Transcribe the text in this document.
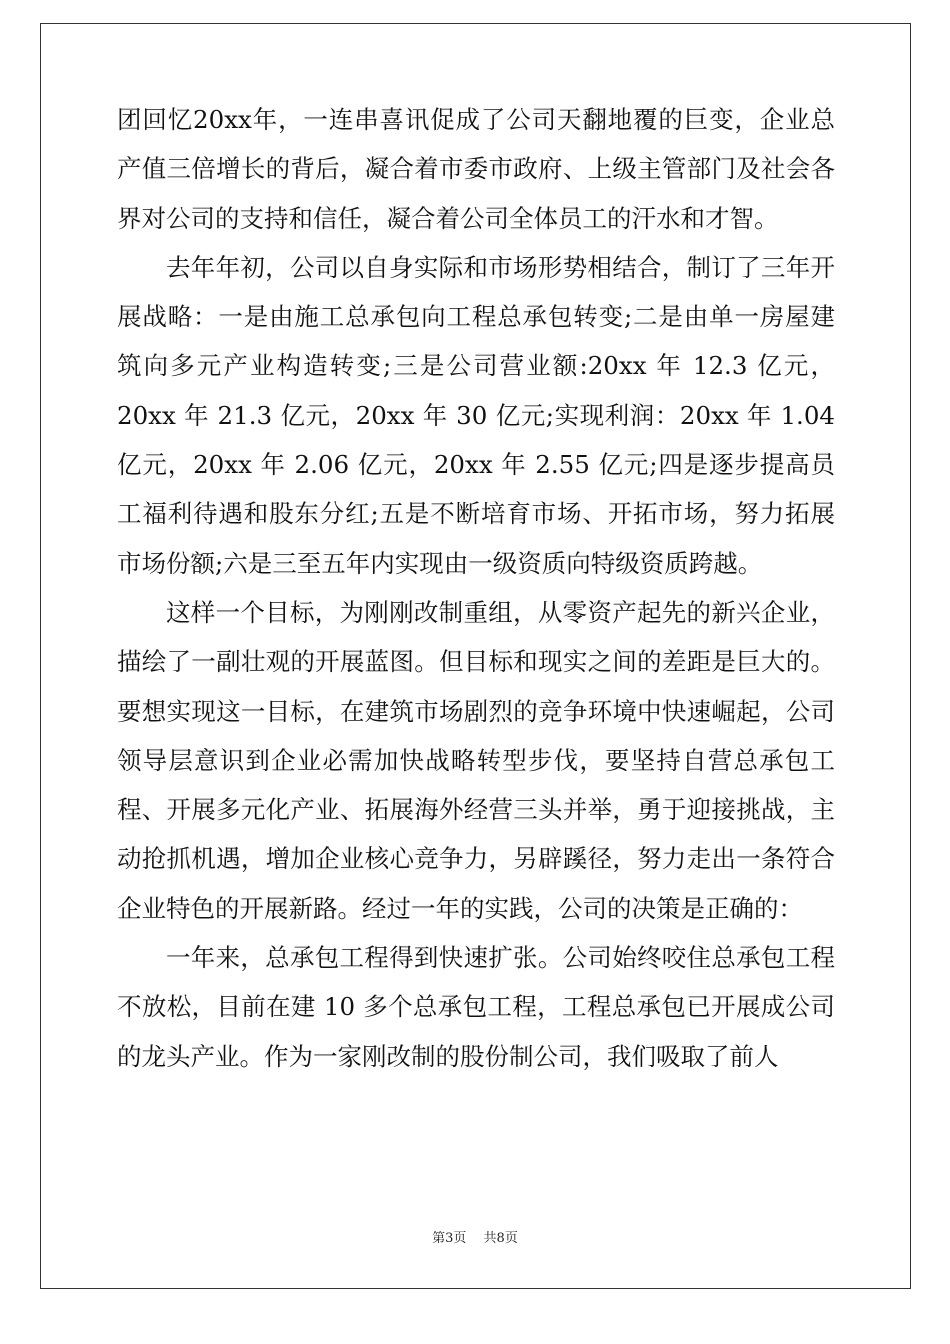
团回忆20xx年，一连串喜讯促成了公司天翻地覆的巨变，企业总产值三倍增长的背后，凝合着市委市政府、上级主管部门及社会各界对公司的支持和信任，凝合着公司全体员工的汗水和才智。

去年年初，公司以自身实际和市场形势相结合，制订了三年开展战略：一是由施工总承包向工程总承包转变;二是由单一房屋建筑向多元产业构造转变;三是公司营业额:20xx 年 12.3 亿元，20xx 年 21.3 亿元，20xx 年 30 亿元;实现利润：20xx 年 1.04 亿元，20xx 年 2.06 亿元，20xx 年 2.55 亿元;四是逐步提高员工福利待遇和股东分红;五是不断培育市场、开拓市场，努力拓展市场份额;六是三至五年内实现由一级资质向特级资质跨越。

这样一个目标，为刚刚改制重组，从零资产起先的新兴企业，描绘了一副壮观的开展蓝图。但目标和现实之间的差距是巨大的。要想实现这一目标，在建筑市场剧烈的竞争环境中快速崛起，公司领导层意识到企业必需加快战略转型步伐，要坚持自营总承包工程、开展多元化产业、拓展海外经营三头并举，勇于迎接挑战，主动抢抓机遇，增加企业核心竞争力，另辟蹊径，努力走出一条符合企业特色的开展新路。经过一年的实践，公司的决策是正确的：

一年来，总承包工程得到快速扩张。公司始终咬住总承包工程不放松，目前在建 10 多个总承包工程，工程总承包已开展成公司的龙头产业。作为一家刚改制的股份制公司，我们吸取了前人

第3页　 共8页
